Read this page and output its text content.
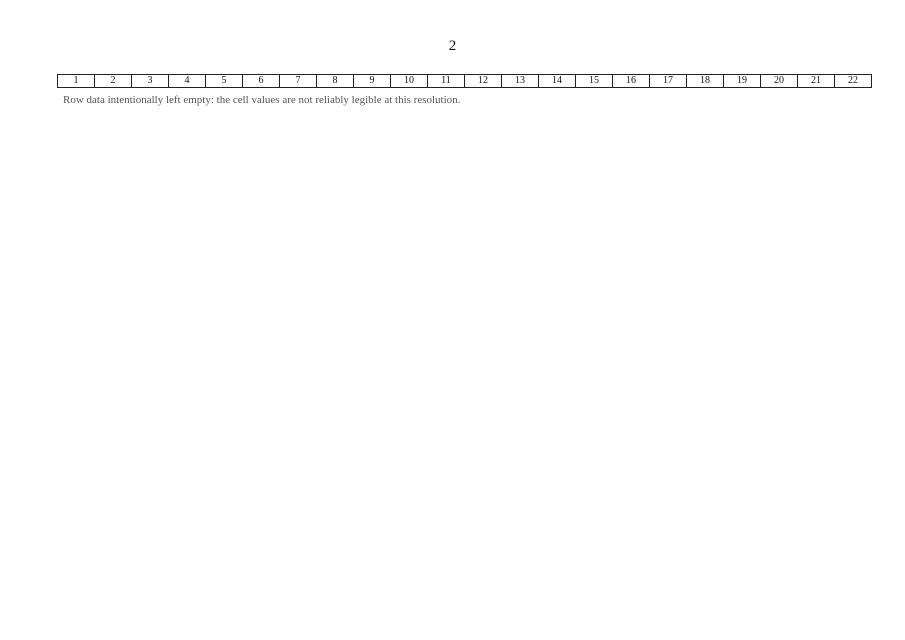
2
1	2	3	4	5	6	7	8	9	10	11	12	13	14	15	16	17	18	19	20	21	22
Row data intentionally left empty: the cell values are not reliably legible at this resolution.
